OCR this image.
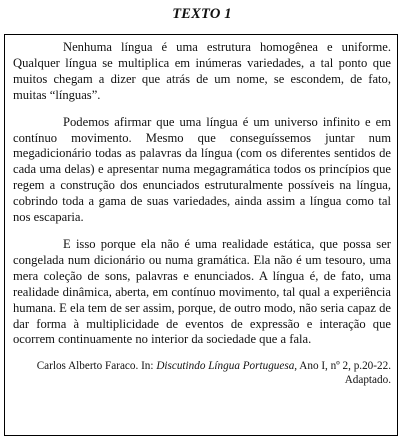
TEXTO 1

Nenhuma língua é uma estrutura homogênea e uniforme. Qualquer língua se multiplica em inúmeras variedades, a tal ponto que muitos chegam a dizer que atrás de um nome, se escondem, de fato, muitas “línguas”.

Podemos afirmar que uma língua é um universo infinito e em contínuo movimento. Mesmo que conseguíssemos juntar num megadicionário todas as palavras da língua (com os diferentes sentidos de cada uma delas) e apresentar numa megagramática todos os princípios que regem a construção dos enunciados estruturalmente possíveis na língua, cobrindo toda a gama de suas variedades, ainda assim a língua como tal nos escaparia.

E isso porque ela não é uma realidade estática, que possa ser congelada num dicionário ou numa gramática. Ela não é um tesouro, uma mera coleção de sons, palavras e enunciados. A língua é, de fato, uma realidade dinâmica, aberta, em contínuo movimento, tal qual a experiência humana. E ela tem de ser assim, porque, de outro modo, não seria capaz de dar forma à multiplicidade de eventos de expressão e interação que ocorrem continuamente no interior da sociedade que a fala.

Carlos Alberto Faraco. In: Discutindo Língua Portuguesa, Ano I, nº 2, p.20-22.
Adaptado.
